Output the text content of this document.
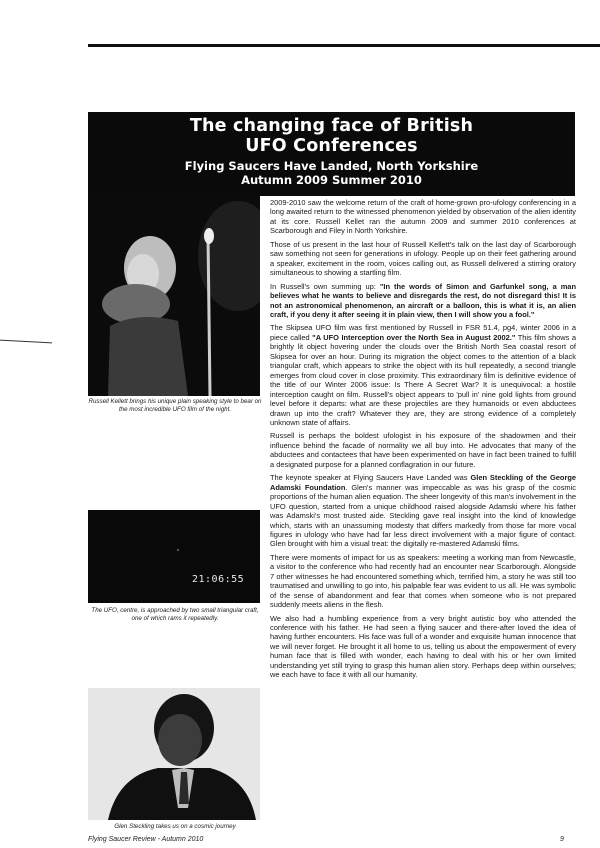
The changing face of British
UFO Conferences
Flying Saucers Have Landed, North Yorkshire
Autumn 2009 Summer 2010
Russell Kellett brings his unique plain speaking style to bear on the most incredible UFO film of the night.
21:06:55
The UFO, centre, is approached by two small triangular craft, one of which rams it repeatedly.
Glen Steckling takes us on a cosmic journey

2009-2010 saw the welcome return of the craft of home-grown pro-ufology conferencing in a long awaited return to the witnessed phenomenon yielded by observation of the alien identity at its core. Russell Kellet ran the autumn 2009 and summer 2010 conferences at Scarborough and Filey in North Yorkshire.

Those of us present in the last hour of Russell Kellett's talk on the last day of Scarborough saw something not seen for generations in ufology. People up on their feet gathering around a speaker, excitement in the room, voices calling out, as Russell delivered a stirring oratory simultaneous to showing a startling film.

In Russell's own summing up: "In the words of Simon and Garfunkel song, a man believes what he wants to believe and disregards the rest, do not disregard this! It is not an astronomical phenomenon, an aircraft or a balloon, this is what it is, an alien craft, if you deny it after seeing it in plain view, then I will show you a fool."

The Skipsea UFO film was first mentioned by Russell in FSR 51.4, pg4, winter 2006 in a piece called "A UFO Interception over the North Sea in August 2002." This film shows a brightly lit object hovering under the clouds over the British North Sea coastal resort of Skipsea for over an hour. During its migration the object comes to the attention of a black triangular craft, which appears to strike the object with its hull repeatedly, a second triangle emerges from cloud cover in close proximity. This extraordinary film is definitive evidence of the title of our Winter 2006 issue: Is There A Secret War? It is unequivocal: a hostile interception caught on film. Russell's object appears to 'pull in' nine gold lights from ground level before it departs: what are these projectiles are they humanoids or even abductees drawn up into the craft? Whatever they are, they are strong evidence of a completely unknown state of affairs.

Russell is perhaps the boldest ufologist in his exposure of the shadowmen and their influence behind the facade of normality we all buy into. He advocates that many of the abductees and contactees that have been experimented on have in fact been trained to fulfill a designated purpose for a planned conflagration in our future.

The keynote speaker at Flying Saucers Have Landed was Glen Steckling of the George Adamski Foundation. Glen's manner was impeccable as was his grasp of the cosmic proportions of the human alien equation. The sheer longevity of this man's involvement in the UFO question, started from a unique childhood raised alogside Adamski where his father was Adamski's most trusted aide. Steckling gave real insight into the kind of knowledge which, starts with an unassuming modesty that differs markedly from those far more vocal figures in ufology who have had far less direct involvement with a major figure of contact. Glen brought with him a visual treat: the digitally re-mastered Adamski films.

There were moments of impact for us as speakers: meeting a working man from Newcastle, a visitor to the conference who had recently had an encounter near Scarborough. Alongside 7 other witnesses he had encountered something which, terrified him, a story he was still too traumatised and unwilling to go into, his palpable fear was evident to us all. He was symbolic of the sense of abandonment and fear that comes when someone who is not prepared suddenly meets aliens in the flesh.

We also had a humbling experience from a very bright autistic boy who attended the conference with his father. He had seen a flying saucer and there-after loved the idea of having further encounters. His face was full of a wonder and exquisite human innocence that we will never forget. He brought it all home to us, telling us about the empowerment of every human face that is filled with wonder, each having to deal with his or her own limited understanding yet still trying to grasp this human alien story. Perhaps deep within ourselves; we each have to face it with all our humanity.

Flying Saucer Review - Autumn 2010	9
